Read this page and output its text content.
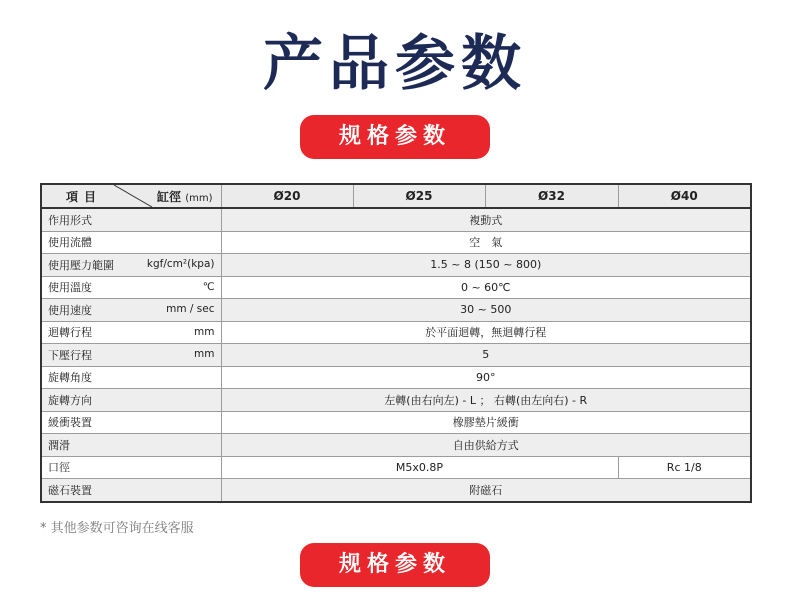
产品参数
规格参数
項目 缸徑 (mm)	Ø20	Ø25	Ø32	Ø40
作用形式	複動式			
使用流體	空　氣			
使用壓力範圍 kgf/cm²(kpa)	1.5 ~ 8 (150 ~ 800)			
使用溫度 ℃	0 ~ 60℃			
使用速度 mm / sec	30 ~ 500			
迴轉行程 mm	於平面迴轉，無迴轉行程			
下壓行程 mm	5			
旋轉角度	90°			
旋轉方向	左轉(由右向左) - L ； 右轉(由左向右) - R			
緩衝裝置	橡膠墊片緩衝			
潤滑	自由供給方式			
口徑	M5x0.8P			Rc 1/8
磁石裝置	附磁石			
* 其他参数可咨询在线客服
规格参数
